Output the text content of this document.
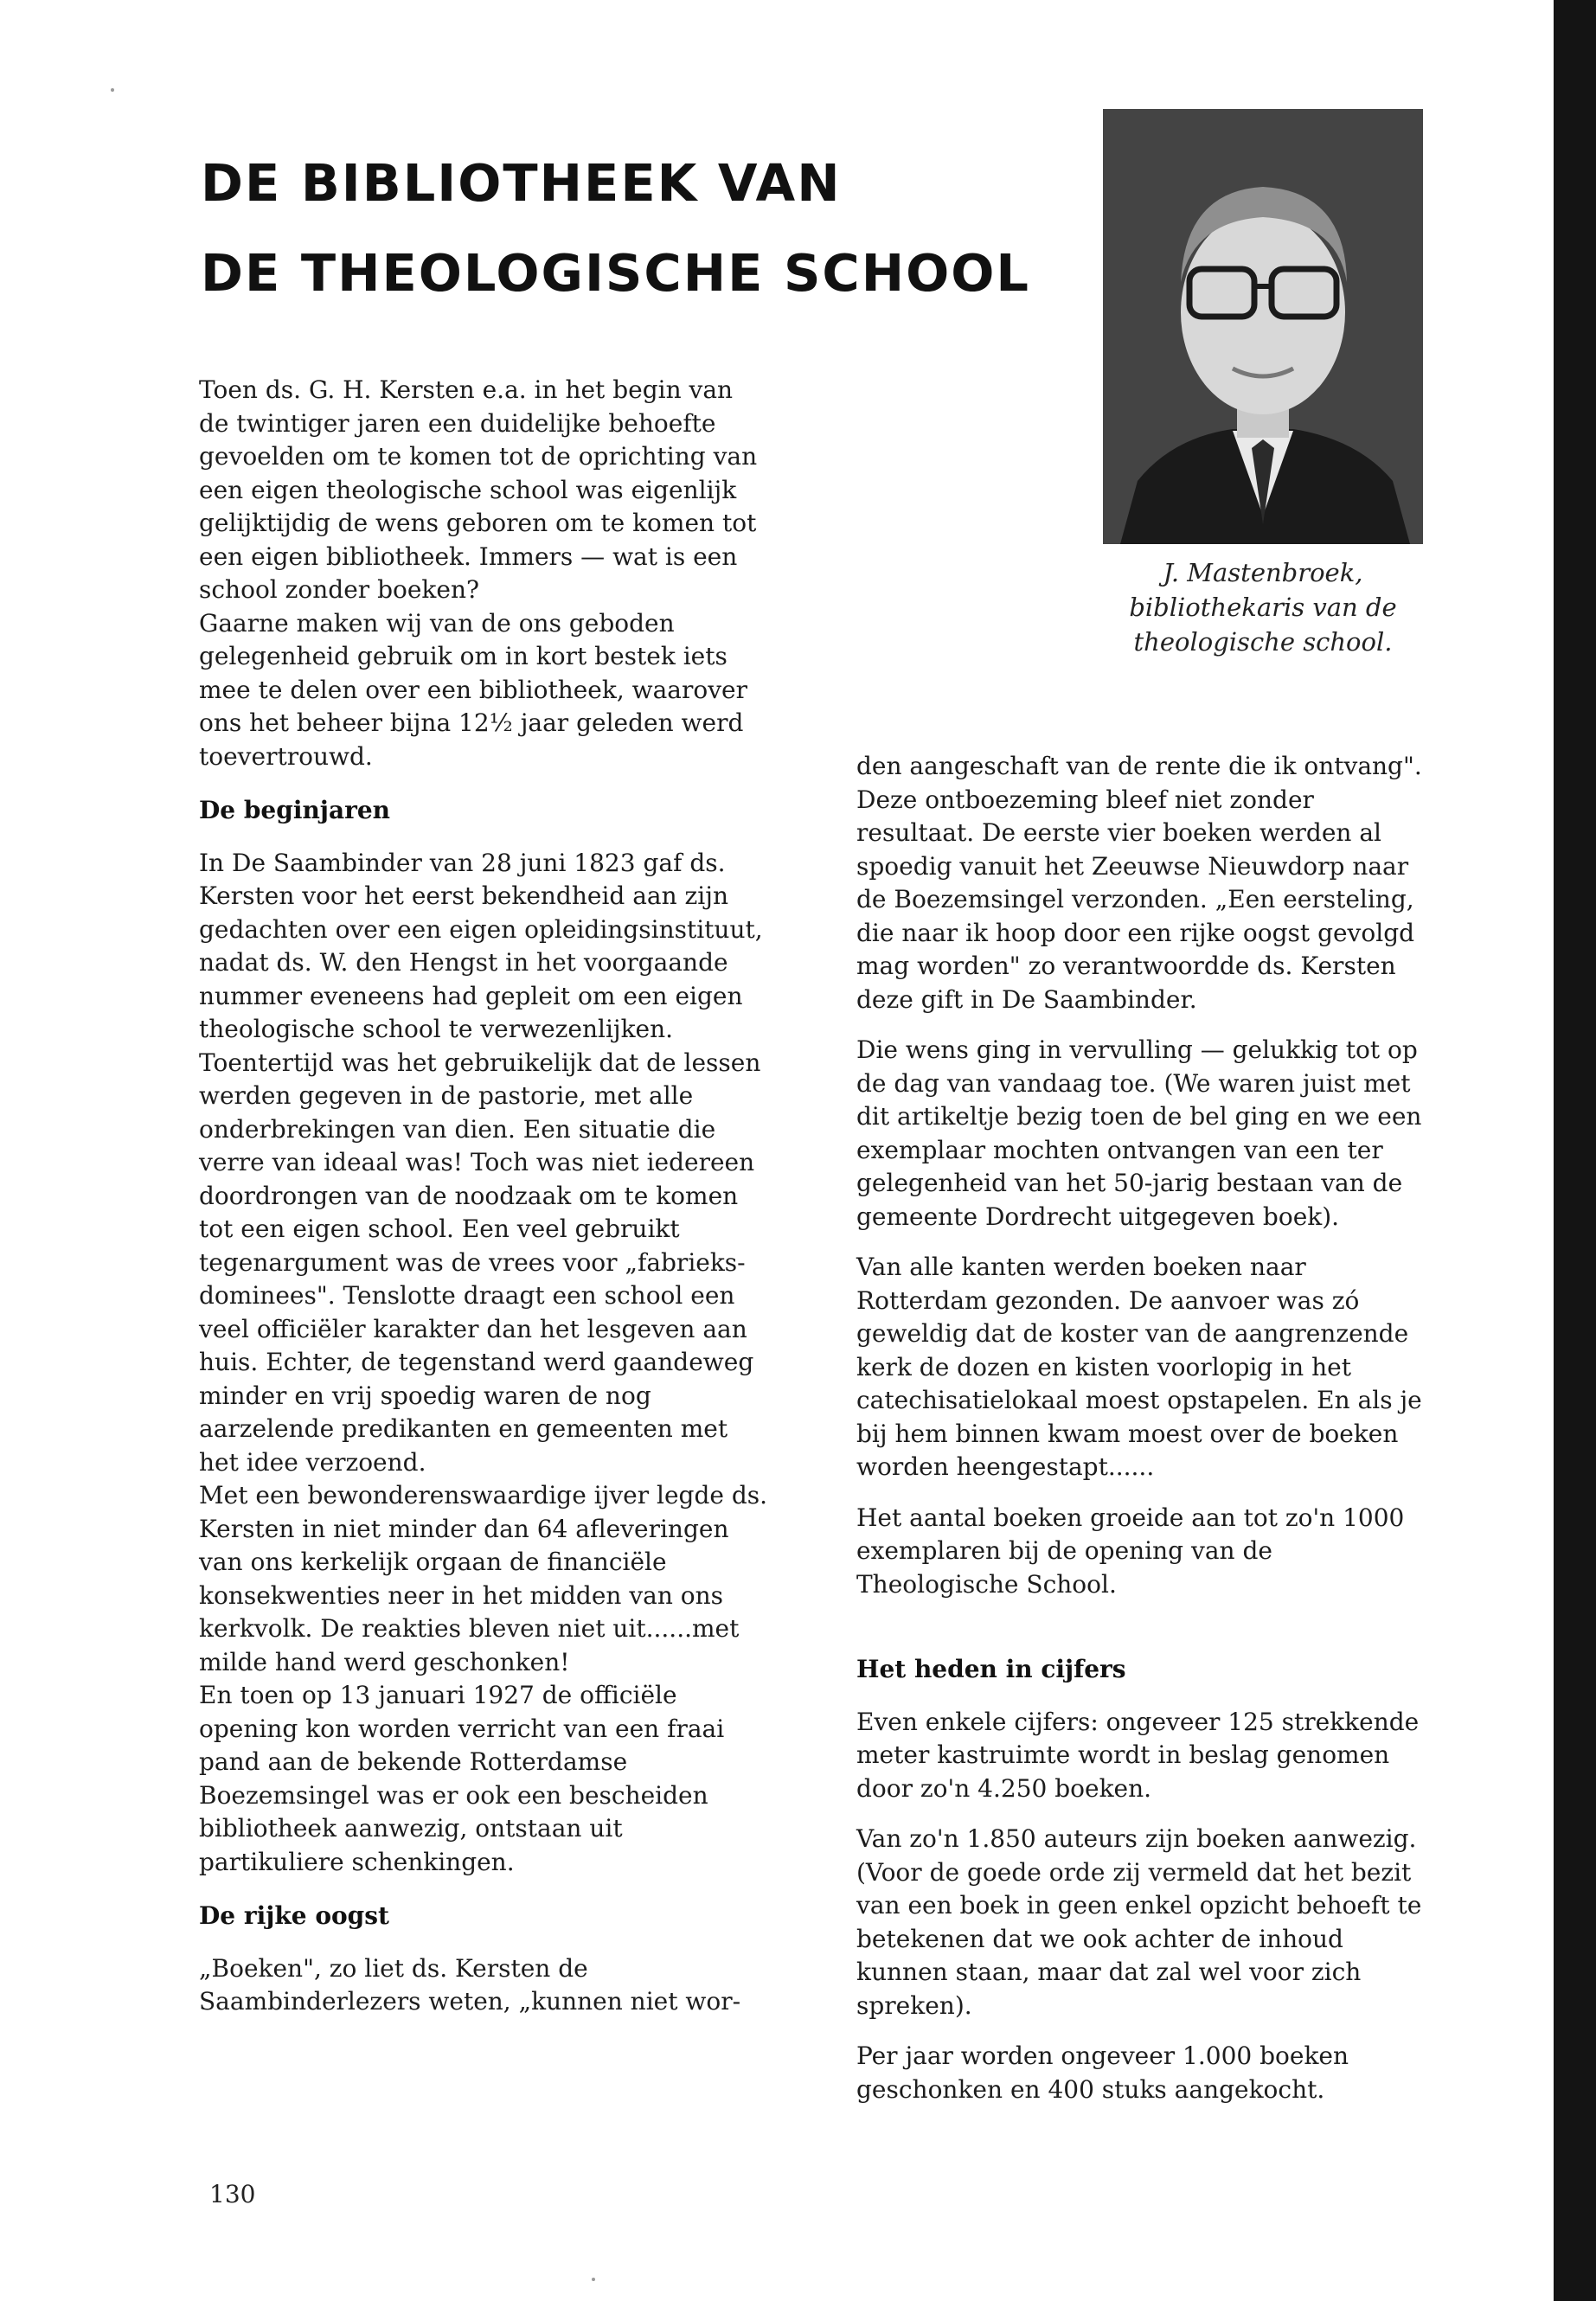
DE BIBLIOTHEEK VAN
DE THEOLOGISCHE SCHOOL
J. Mastenbroek,
bibliothekaris van de
theologische school.

Toen ds. G. H. Kersten e.a. in het begin van de twintiger jaren een duidelijke behoefte gevoelden om te komen tot de oprichting van een eigen theologische school was eigenlijk gelijktijdig de wens geboren om te komen tot een eigen bibliotheek. Immers — wat is een school zonder boeken?

Gaarne maken wij van de ons geboden gelegenheid gebruik om in kort bestek iets mee te delen over een bibliotheek, waarover ons het beheer bijna 12½ jaar geleden werd toevertrouwd.

De beginjaren

In De Saambinder van 28 juni 1823 gaf ds. Kersten voor het eerst bekendheid aan zijn gedachten over een eigen opleidingsinstituut, nadat ds. W. den Hengst in het voorgaande nummer eveneens had gepleit om een eigen theologische school te verwezenlijken.

Toentertijd was het gebruikelijk dat de lessen werden gegeven in de pastorie, met alle onderbrekingen van dien. Een situatie die verre van ideaal was! Toch was niet iedereen doordrongen van de noodzaak om te komen tot een eigen school. Een veel gebruikt tegenargument was de vrees voor „fabrieks-dominees". Tenslotte draagt een school een veel officiëler karakter dan het lesgeven aan huis. Echter, de tegenstand werd gaandeweg minder en vrij spoedig waren de nog aarzelende predikanten en gemeenten met het idee verzoend.

Met een bewonderenswaardige ijver legde ds. Kersten in niet minder dan 64 afleveringen van ons kerkelijk orgaan de financiële konsekwenties neer in het midden van ons kerkvolk. De reakties bleven niet uit......met milde hand werd geschonken!

En toen op 13 januari 1927 de officiële opening kon worden verricht van een fraai pand aan de bekende Rotterdamse Boezemsingel was er ook een bescheiden bibliotheek aanwezig, ontstaan uit partikuliere schenkingen.

De rijke oogst

„Boeken", zo liet ds. Kersten de Saambinderlezers weten, „kunnen niet wor-

den aangeschaft van de rente die ik ontvang". Deze ontboezeming bleef niet zonder resultaat. De eerste vier boeken werden al spoedig vanuit het Zeeuwse Nieuwdorp naar de Boezemsingel verzonden. „Een eersteling, die naar ik hoop door een rijke oogst gevolgd mag worden" zo verantwoordde ds. Kersten deze gift in De Saambinder.

Die wens ging in vervulling — gelukkig tot op de dag van vandaag toe. (We waren juist met dit artikeltje bezig toen de bel ging en we een exemplaar mochten ontvangen van een ter gelegenheid van het 50-jarig bestaan van de gemeente Dordrecht uitgegeven boek).

Van alle kanten werden boeken naar Rotterdam gezonden. De aanvoer was zó geweldig dat de koster van de aangrenzende kerk de dozen en kisten voorlopig in het catechisatielokaal moest opstapelen. En als je bij hem binnen kwam moest over de boeken worden heengestapt......

Het aantal boeken groeide aan tot zo'n 1000 exemplaren bij de opening van de Theologische School.

Het heden in cijfers

Even enkele cijfers: ongeveer 125 strekkende meter kastruimte wordt in beslag genomen door zo'n 4.250 boeken.

Van zo'n 1.850 auteurs zijn boeken aanwezig. (Voor de goede orde zij vermeld dat het bezit van een boek in geen enkel opzicht behoeft te betekenen dat we ook achter de inhoud kunnen staan, maar dat zal wel voor zich spreken).

Per jaar worden ongeveer 1.000 boeken geschonken en 400 stuks aangekocht.

130
